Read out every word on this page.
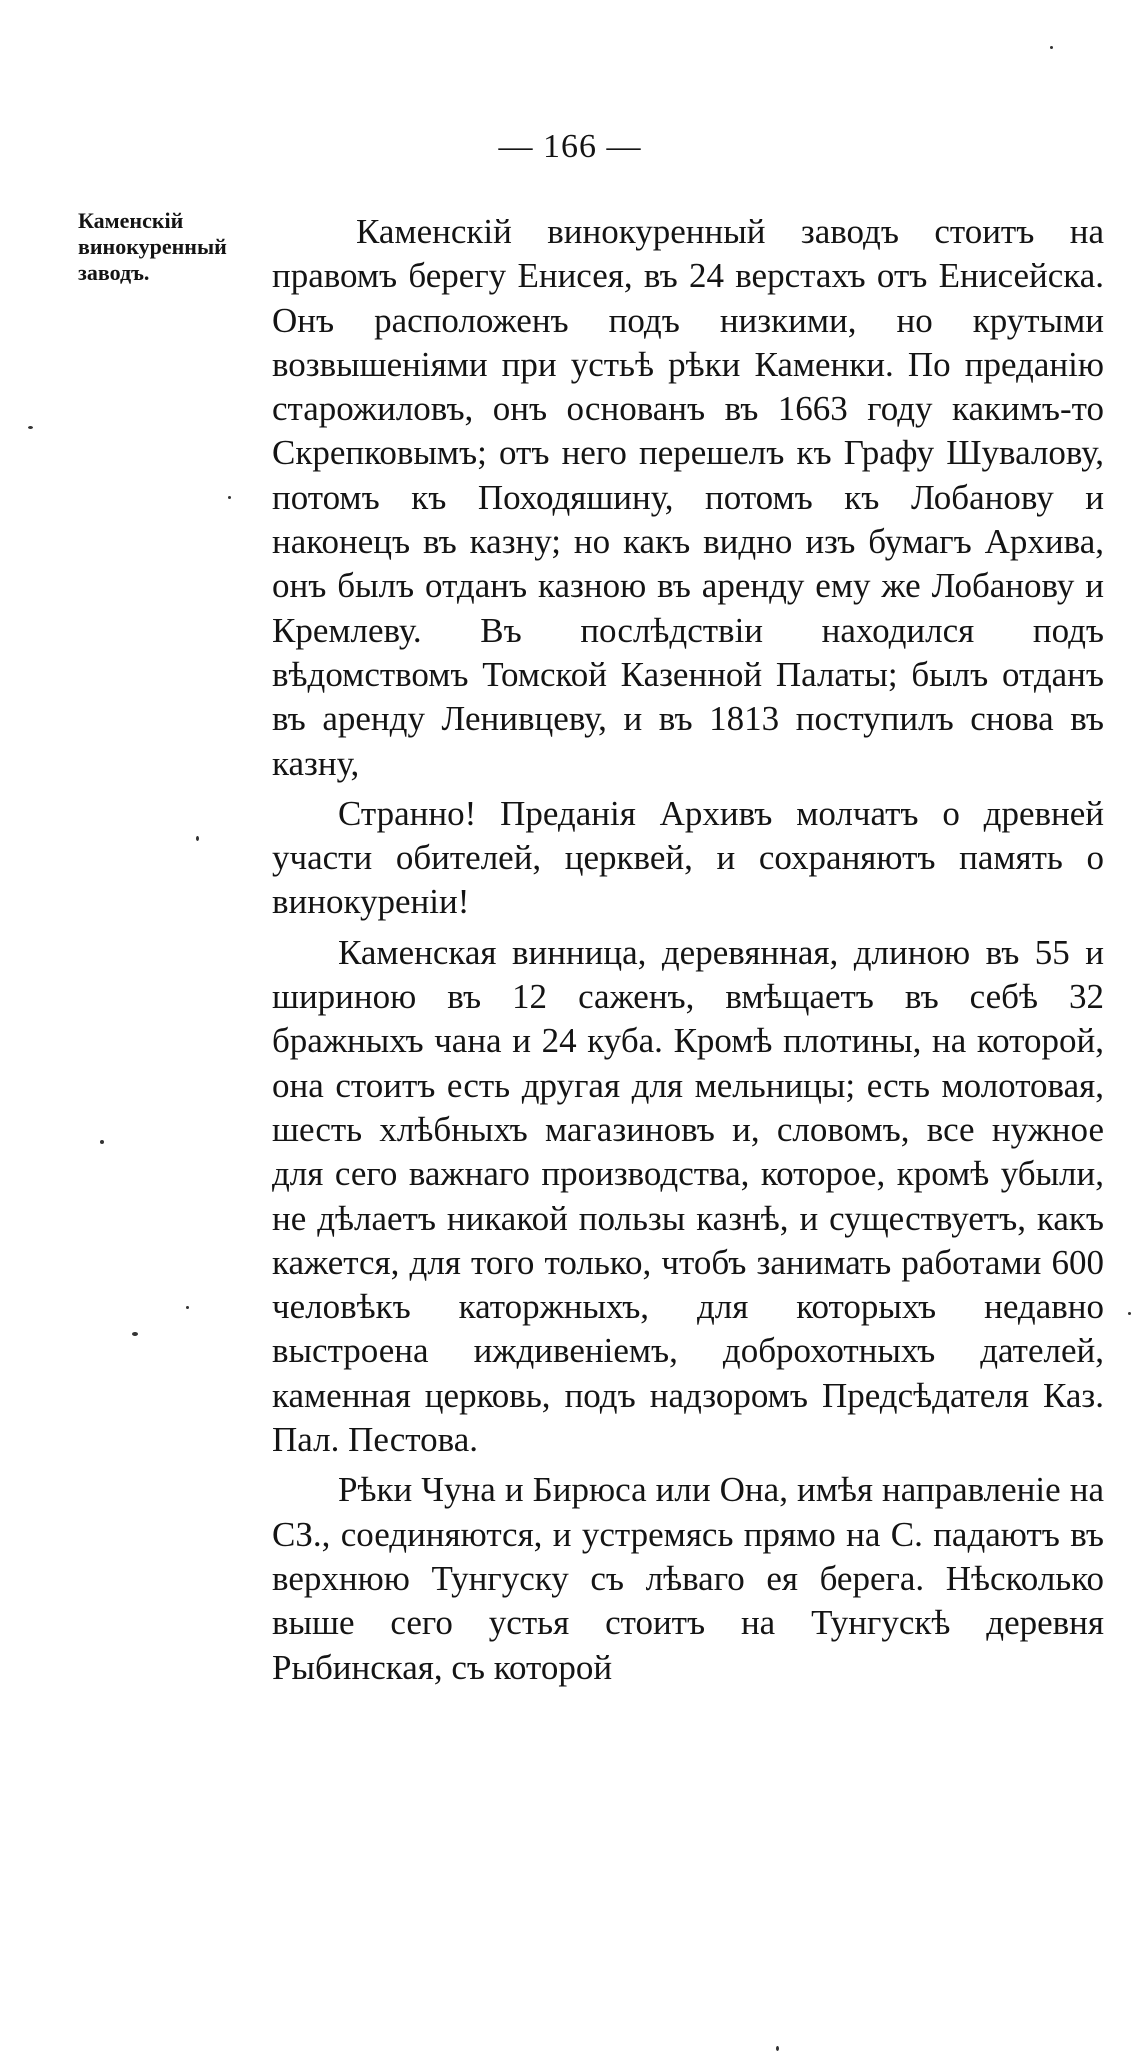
— 166 —
Каменскій винокуренный заводъ.

Каменскій винокуренный заводъ стоитъ на правомъ берегу Енисея, въ 24 верстахъ отъ Енисейска. Онъ расположенъ подъ низкими, но крутыми возвышеніями при устьѣ рѣки Каменки. По преданію старожиловъ, онъ основанъ въ 1663 году какимъ-то Скрепковымъ; отъ него перешелъ къ Графу Шувалову, потомъ къ Походяшину, потомъ къ Лобанову и наконецъ въ казну; но какъ видно изъ бумагъ Архива, онъ былъ отданъ казною въ аренду ему же Лобанову и Кремлеву. Въ послѣдствіи находился подъ вѣдомствомъ Томской Казенной Палаты; былъ отданъ въ аренду Ленивцеву, и въ 1813 поступилъ снова въ казну,

Странно! Преданія Архивъ молчатъ о древней участи обителей, церквей, и сохраняютъ память о винокуреніи!

Каменская винница, деревянная, длиною въ 55 и шириною въ 12 саженъ, вмѣщаетъ въ себѣ 32 бражныхъ чана и 24 куба. Кромѣ плотины, на которой, она стоитъ есть другая для мельницы; есть молотовая, шесть хлѣбныхъ магазиновъ и, словомъ, все нужное для сего важнаго производства, которое, кромѣ убыли, не дѣлаетъ никакой пользы казнѣ, и существуетъ, какъ кажется, для того только, чтобъ занимать работами 600 человѣкъ каторжныхъ, для которыхъ недавно выстроена иждивеніемъ, доброхотныхъ дателей, каменная церковь, подъ надзоромъ Предсѣдателя Каз. Пал. Пестова.

Рѣки Чуна и Бирюса или Она, имѣя направленіе на СЗ., соединяются, и устремясь прямо на С. падаютъ въ верхнюю Тунгуску съ лѣваго ея берега. Нѣсколько выше сего устья стоитъ на Тунгускѣ деревня Рыбинская, съ которой
